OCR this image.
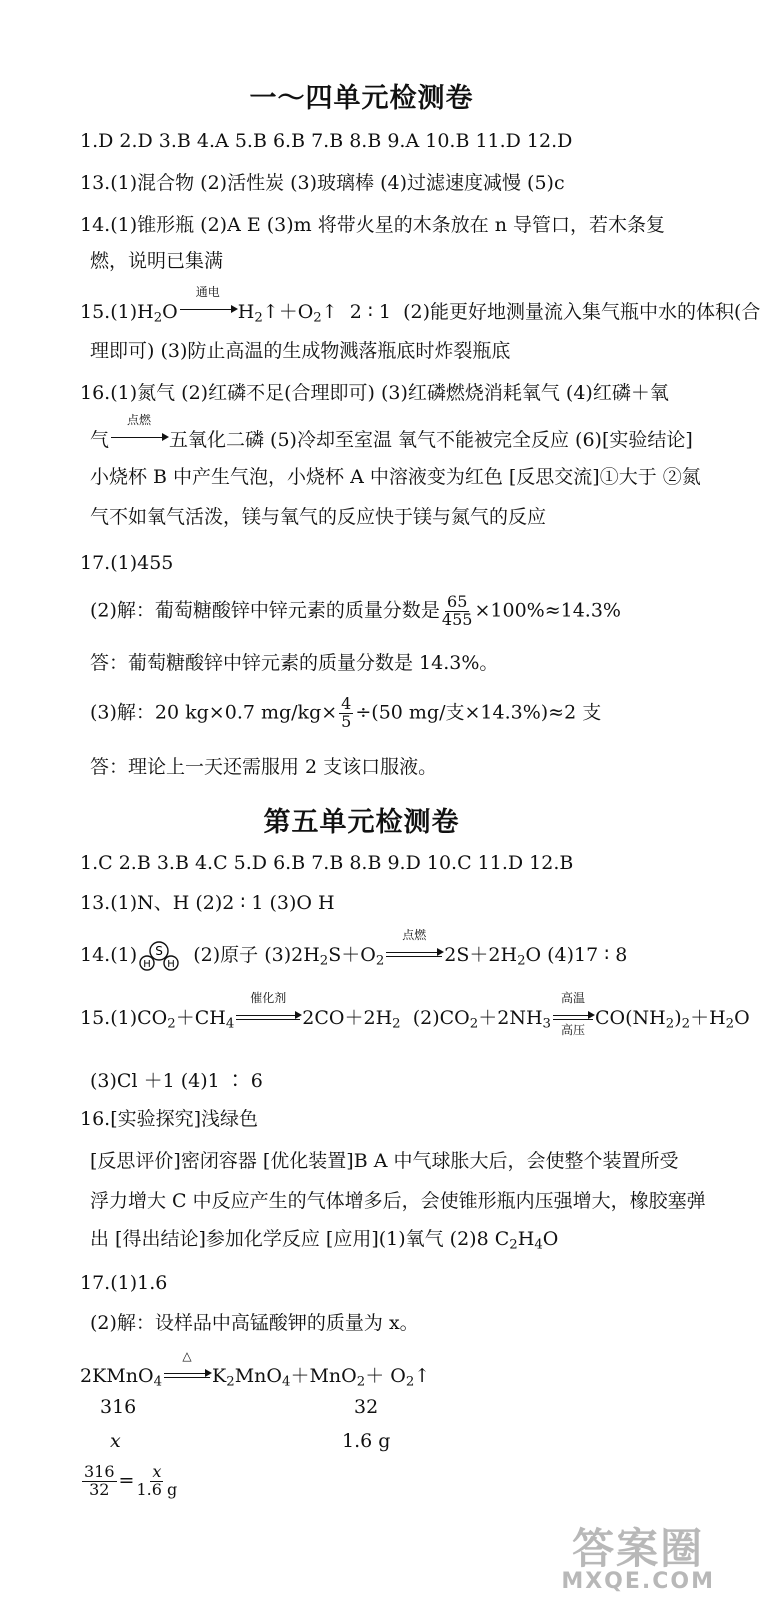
一～四单元检测卷
1.D 2.D 3.B 4.A 5.B 6.B 7.B 8.B 9.A 10.B 11.D 12.D
13.(1)混合物 (2)活性炭 (3)玻璃棒 (4)过滤速度减慢 (5)c
14.(1)锥形瓶 (2)A E (3)m 将带火星的木条放在 n 导管口，若木条复
燃，说明已集满
$15.(1)H_2O$
通电
$H_2↑+O_2↑$  2 ∶ 1 (2)能更好地测量流入集气瓶中水的体积(合
理即可) (3)防止高温的生成物溅落瓶底时炸裂瓶底
16.(1)氮气 (2)红磷不足(合理即可) (3)红磷燃烧消耗氧气 (4)红磷＋氧
气
点燃
五氧化二磷 (5)冷却至室温 氧气不能被完全反应 (6)[实验结论]
小烧杯 B 中产生气泡，小烧杯 A 中溶液变为红色 [反思交流]①大于 ②氮
气不如氧气活泼，镁与氧气的反应快于镁与氮气的反应
17.(1)455
(2)解：葡萄糖酸锌中锌元素的质量分数是 $\frac{65}{455} \times 100\%\approx 14.3\%$
答：葡萄糖酸锌中锌元素的质量分数是 14.3%。
(3)解：20 kg×0.7 $mg/kg\times \frac{4}{5} \div(50$ mg/支×14.3%)≈2 支
答：理论上一天还需服用 2 支该口服液。
第五单元检测卷
1.C 2.B 3.B 4.C 5.D 6.B 7.B 8.B 9.D 10.C 11.D 12.B
13.(1)N、H (2)2 ∶ 1 (3)O H
14.(1) S
H H (2)原子 $(3)2H_2S+O_2$
点燃
$2S+2H_2O$ (4)17 ∶ 8
$15.(1)CO_2+CH_4$
催化剂
$2CO+2H_2$ $(2)CO_2+2NH_3$
高温
高压
$CO(NH_2)_2+H_2O$
(3)Cl ＋1 (4)1 ∶ 6
16.[实验探究]浅绿色
[反思评价]密闭容器 [优化装置]B A 中气球胀大后，会使整个装置所受
浮力增大 C 中反应产生的气体增多后，会使锥形瓶内压强增大，橡胶塞弹
出 [得出结论]参加化学反应 [应用](1)氧气 (2)8 $C_2H_4O$
17.(1)1.6
(2)解：设样品中高锰酸钾的质量为 x。
2KMnO$_4$
△
$K_2MnO_4+MnO_2+$ $O_2↑$
316	32
x	1.6 g
$\frac{316}{32} = \frac{x}{1.6 g}$
答案圈
MXQE.COM
